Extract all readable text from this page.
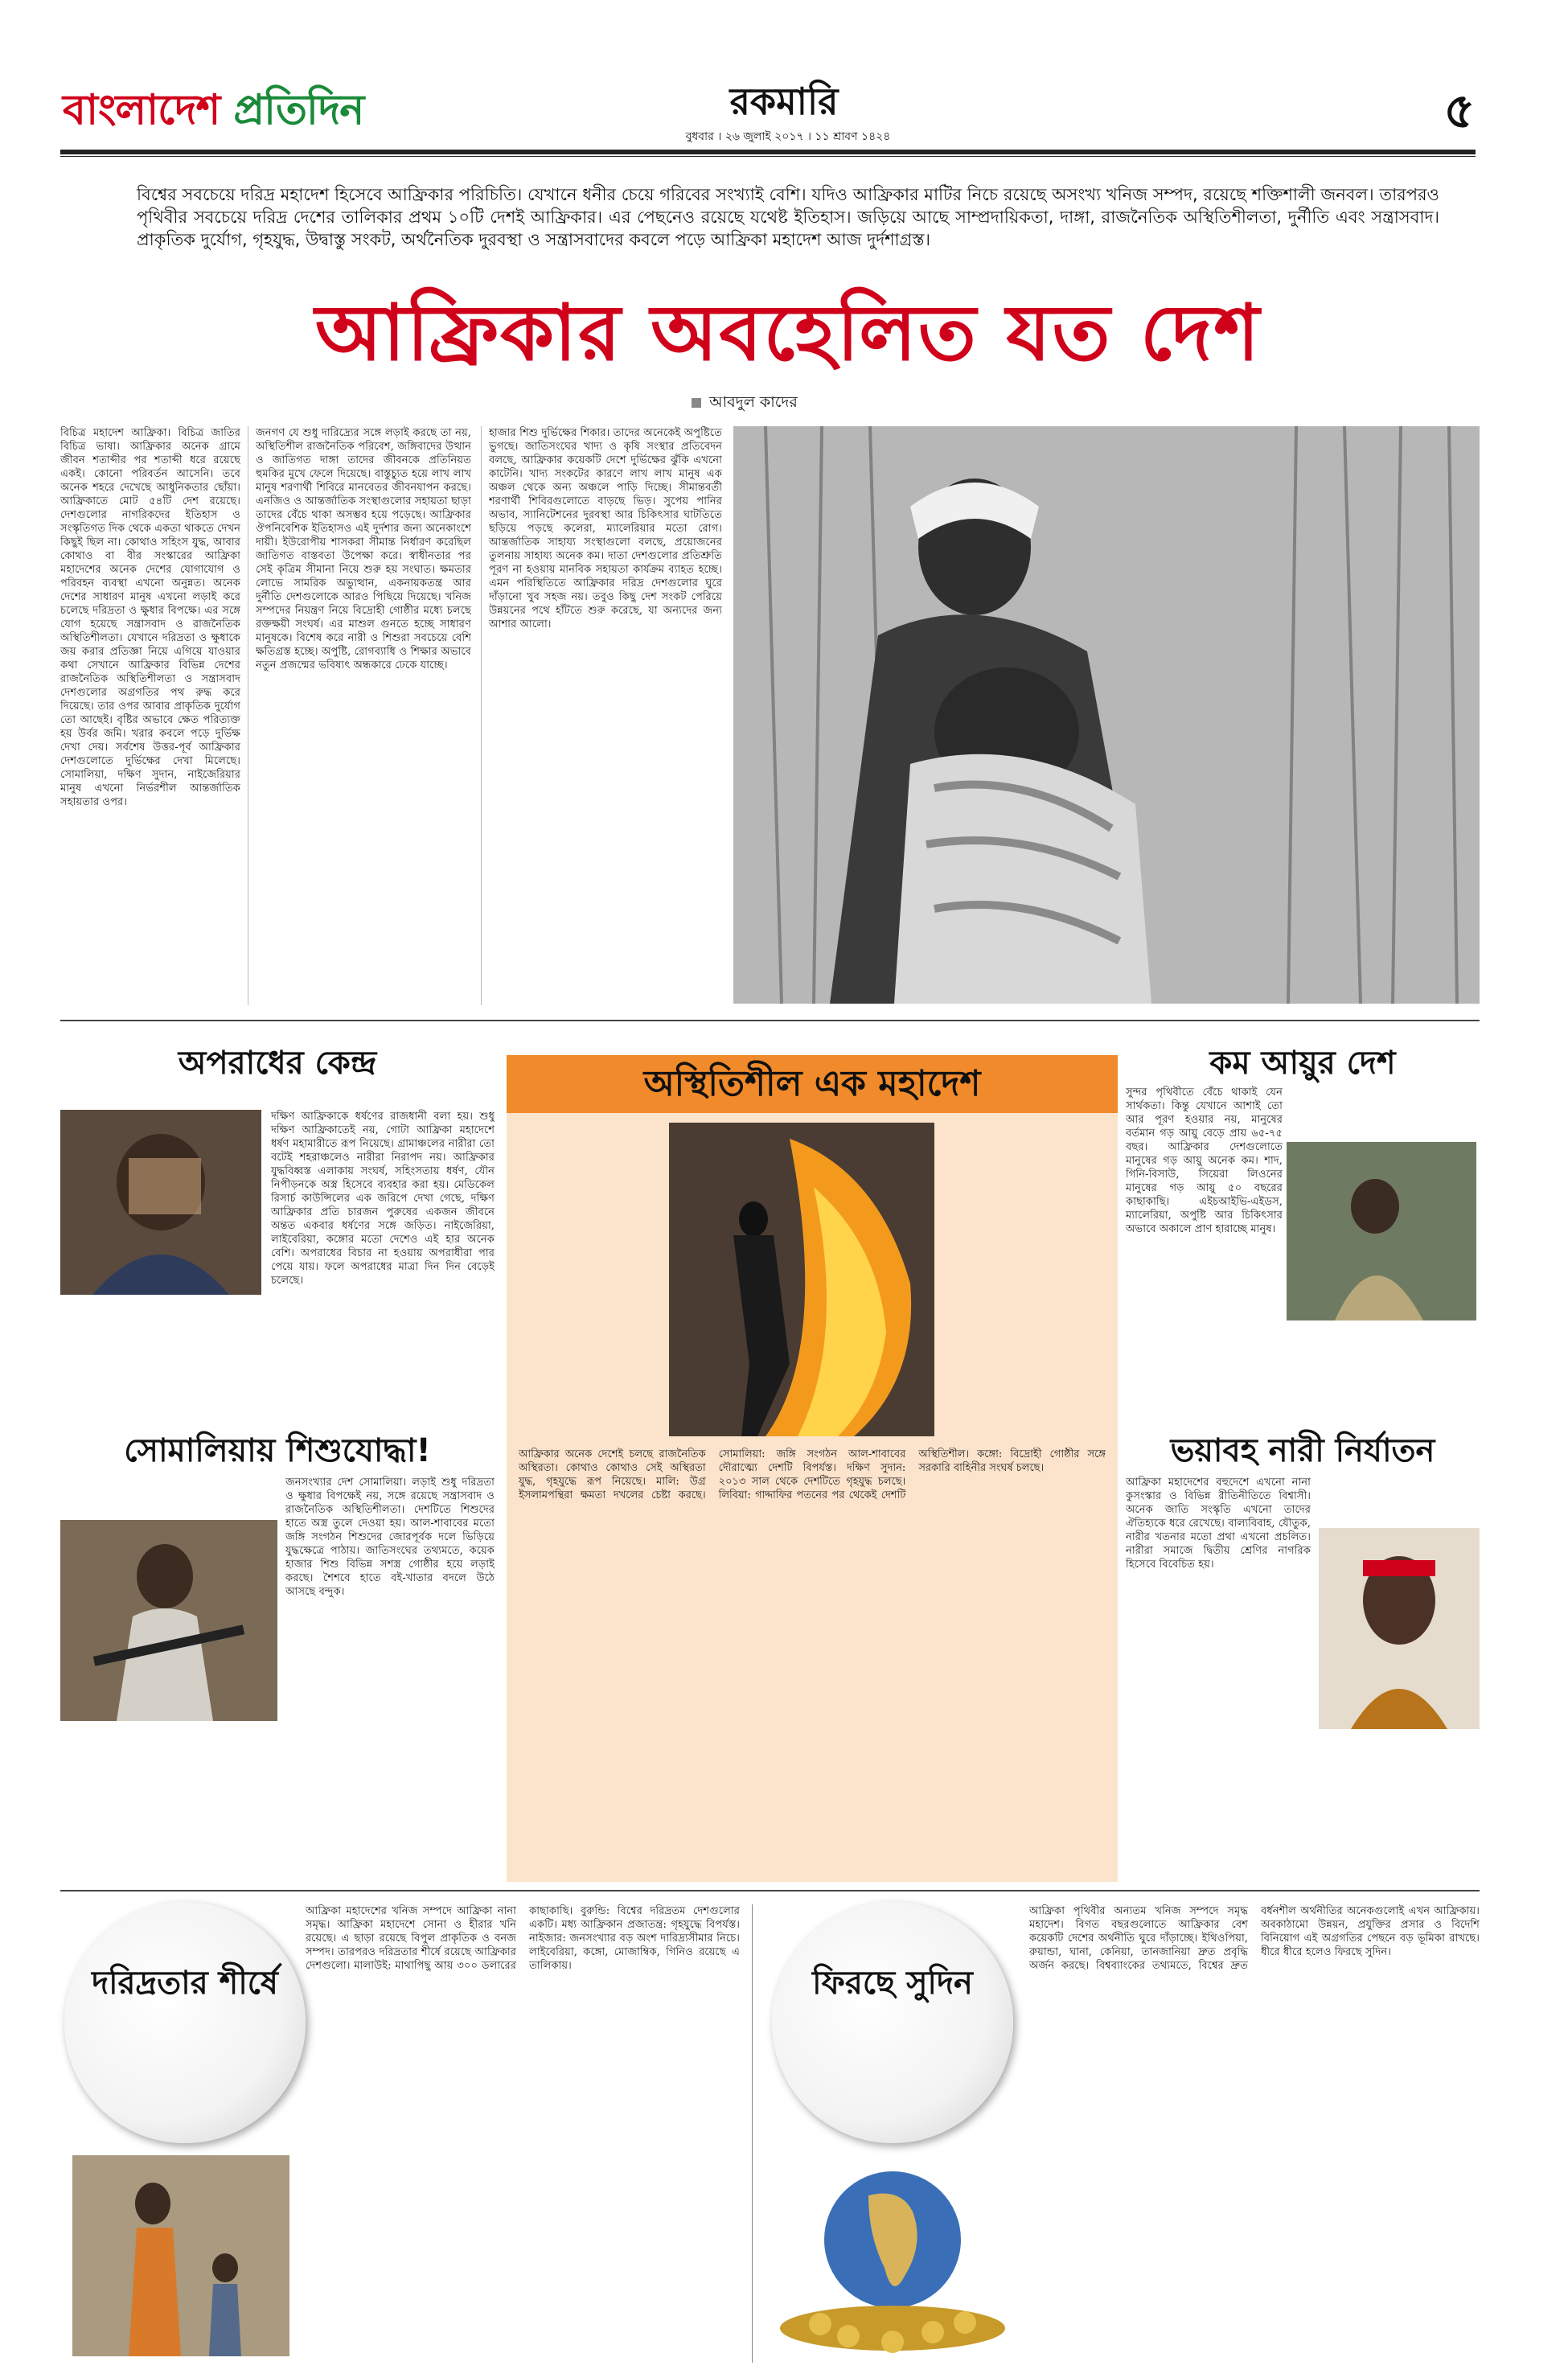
বাংলাদেশ প্রতিদিন	রকমারি
বুধবার । ২৬ জুলাই ২০১৭ । ১১ শ্রাবণ ১৪২৪	৫
বিশ্বের সবচেয়ে দরিদ্র মহাদেশ হিসেবে আফ্রিকার পরিচিতি। যেখানে ধনীর চেয়ে গরিবের সংখ্যাই বেশি। যদিও আফ্রিকার মাটির নিচে রয়েছে অসংখ্য খনিজ সম্পদ, রয়েছে শক্তিশালী জনবল। তারপরও পৃথিবীর সবচেয়ে দরিদ্র দেশের তালিকার প্রথম ১০টি দেশই আফ্রিকার। এর পেছনেও রয়েছে যথেষ্ট ইতিহাস। জড়িয়ে আছে সাম্প্রদায়িকতা, দাঙ্গা, রাজনৈতিক অস্থিতিশীলতা, দুর্নীতি এবং সন্ত্রাসবাদ। প্রাকৃতিক দুর্যোগ, গৃহযুদ্ধ, উদ্বাস্তু সংকট, অর্থনৈতিক দুরবস্থা ও সন্ত্রাসবাদের কবলে পড়ে আফ্রিকা মহাদেশ আজ দুর্দশাগ্রস্ত।
আফ্রিকার অবহেলিত যত দেশ
আবদুল কাদের
বিচিত্র মহাদেশ আফ্রিকা। বিচিত্র জাতির বিচিত্র ভাষা। আফ্রিকার অনেক গ্রামে জীবন শতাব্দীর পর শতাব্দী ধরে রয়েছে একই। কোনো পরিবর্তন আসেনি। তবে অনেক শহরে দেখেছে আধুনিকতার ছোঁয়া। আফ্রিকাতে মোট ৫৪টি দেশ রয়েছে। দেশগুলোর নাগরিকদের ইতিহাস ও সংস্কৃতিগত দিক থেকে একতা থাকতে দেখন কিছুই ছিল না। কোথাও সহিংস যুদ্ধ, আবার কোথাও বা বীর সংস্কারের আফ্রিকা মহাদেশের অনেক দেশের যোগাযোগ ও পরিবহন ব্যবস্থা এখনো অনুন্নত। অনেক দেশের সাধারণ মানুষ এখনো লড়াই করে চলেছে দরিদ্রতা ও ক্ষুধার বিপক্ষে। এর সঙ্গে যোগ হয়েছে সন্ত্রাসবাদ ও রাজনৈতিক অস্থিতিশীলতা। যেখানে দরিদ্রতা ও ক্ষুধাকে জয় করার প্রতিজ্ঞা নিয়ে এগিয়ে যাওয়ার কথা সেখানে আফ্রিকার বিভিন্ন দেশের রাজনৈতিক অস্থিতিশীলতা ও সন্ত্রাসবাদ দেশগুলোর অগ্রগতির পথ রুদ্ধ করে দিয়েছে। তার ওপর আবার প্রাকৃতিক দুর্যোগ তো আছেই। বৃষ্টির অভাবে ক্ষেত পরিত্যক্ত হয় উর্বর জমি। খরার কবলে পড়ে দুর্ভিক্ষ দেখা দেয়। সর্বশেষ উত্তর-পূর্ব আফ্রিকার দেশগুলোতে দুর্ভিক্ষের দেখা মিলেছে। সোমালিয়া, দক্ষিণ সুদান, নাইজেরিয়ার মানুষ এখনো নির্ভরশীল আন্তর্জাতিক সহায়তার ওপর।
জনগণ যে শুধু দারিদ্র্যের সঙ্গে লড়াই করছে তা নয়, অস্থিতিশীল রাজনৈতিক পরিবেশ, জঙ্গিবাদের উত্থান ও জাতিগত দাঙ্গা তাদের জীবনকে প্রতিনিয়ত হুমকির মুখে ফেলে দিয়েছে। বাস্তুচ্যুত হয়ে লাখ লাখ মানুষ শরণার্থী শিবিরে মানবেতর জীবনযাপন করছে। এনজিও ও আন্তর্জাতিক সংস্থাগুলোর সহায়তা ছাড়া তাদের বেঁচে থাকা অসম্ভব হয়ে পড়েছে। আফ্রিকার ঔপনিবেশিক ইতিহাসও এই দুর্দশার জন্য অনেকাংশে দায়ী। ইউরোপীয় শাসকরা সীমান্ত নির্ধারণ করেছিল জাতিগত বাস্তবতা উপেক্ষা করে। স্বাধীনতার পর সেই কৃত্রিম সীমানা নিয়ে শুরু হয় সংঘাত। ক্ষমতার লোভে সামরিক অভ্যুত্থান, একনায়কতন্ত্র আর দুর্নীতি দেশগুলোকে আরও পিছিয়ে দিয়েছে। খনিজ সম্পদের নিয়ন্ত্রণ নিয়ে বিদ্রোহী গোষ্ঠীর মধ্যে চলছে রক্তক্ষয়ী সংঘর্ষ। এর মাশুল গুনতে হচ্ছে সাধারণ মানুষকে। বিশেষ করে নারী ও শিশুরা সবচেয়ে বেশি ক্ষতিগ্রস্ত হচ্ছে। অপুষ্টি, রোগব্যাধি ও শিক্ষার অভাবে নতুন প্রজন্মের ভবিষ্যৎ অন্ধকারে ঢেকে যাচ্ছে।
হাজার শিশু দুর্ভিক্ষের শিকার। তাদের অনেকেই অপুষ্টিতে ভুগছে। জাতিসংঘের খাদ্য ও কৃষি সংস্থার প্রতিবেদন বলছে, আফ্রিকার কয়েকটি দেশে দুর্ভিক্ষের ঝুঁকি এখনো কাটেনি। খাদ্য সংকটের কারণে লাখ লাখ মানুষ এক অঞ্চল থেকে অন্য অঞ্চলে পাড়ি দিচ্ছে। সীমান্তবর্তী শরণার্থী শিবিরগুলোতে বাড়ছে ভিড়। সুপেয় পানির অভাব, স্যানিটেশনের দুরবস্থা আর চিকিৎসার ঘাটতিতে ছড়িয়ে পড়ছে কলেরা, ম্যালেরিয়ার মতো রোগ। আন্তর্জাতিক সাহায্য সংস্থাগুলো বলছে, প্রয়োজনের তুলনায় সাহায্য অনেক কম। দাতা দেশগুলোর প্রতিশ্রুতি পূরণ না হওয়ায় মানবিক সহায়তা কার্যক্রম ব্যাহত হচ্ছে। এমন পরিস্থিতিতে আফ্রিকার দরিদ্র দেশগুলোর ঘুরে দাঁড়ানো খুব সহজ নয়। তবুও কিছু দেশ সংকট পেরিয়ে উন্নয়নের পথে হাঁটতে শুরু করেছে, যা অন্যদের জন্য আশার আলো।
অপরাধের কেন্দ্র

দক্ষিণ আফ্রিকাকে ধর্ষণের রাজধানী বলা হয়। শুধু দক্ষিণ আফ্রিকাতেই নয়, গোটা আফ্রিকা মহাদেশে ধর্ষণ মহামারীতে রূপ নিয়েছে। গ্রামাঞ্চলের নারীরা তো বটেই শহরাঞ্চলেও নারীরা নিরাপদ নয়। আফ্রিকার যুদ্ধবিধ্বস্ত এলাকায় সংঘর্ষ, সহিংসতায় ধর্ষণ, যৌন নিপীড়নকে অস্ত্র হিসেবে ব্যবহার করা হয়। মেডিকেল রিসার্চ কাউন্সিলের এক জরিপে দেখা গেছে, দক্ষিণ আফ্রিকার প্রতি চারজন পুরুষের একজন জীবনে অন্তত একবার ধর্ষণের সঙ্গে জড়িত। নাইজেরিয়া, লাইবেরিয়া, কঙ্গোর মতো দেশেও এই হার অনেক বেশি। অপরাধের বিচার না হওয়ায় অপরাধীরা পার পেয়ে যায়। ফলে অপরাধের মাত্রা দিন দিন বেড়েই চলেছে।

সোমালিয়ায় শিশুযোদ্ধা!

জনসংখ্যার দেশ সোমালিয়া। লড়াই শুধু দরিদ্রতা ও ক্ষুধার বিপক্ষেই নয়, সঙ্গে রয়েছে সন্ত্রাসবাদ ও রাজনৈতিক অস্থিতিশীলতা। দেশটিতে শিশুদের হাতে অস্ত্র তুলে দেওয়া হয়। আল-শাবাবের মতো জঙ্গি সংগঠন শিশুদের জোরপূর্বক দলে ভিড়িয়ে যুদ্ধক্ষেত্রে পাঠায়। জাতিসংঘের তথ্যমতে, কয়েক হাজার শিশু বিভিন্ন সশস্ত্র গোষ্ঠীর হয়ে লড়াই করছে। শৈশবে হাতে বই-খাতার বদলে উঠে আসছে বন্দুক।

অস্থিতিশীল এক মহাদেশ
আফ্রিকার অনেক দেশেই চলছে রাজনৈতিক অস্থিরতা। কোথাও কোথাও সেই অস্থিরতা যুদ্ধ, গৃহযুদ্ধে রূপ নিয়েছে। মালি: উগ্র ইসলামপন্থিরা ক্ষমতা দখলের চেষ্টা করছে। সোমালিয়া: জঙ্গি সংগঠন আল-শাবাবের দৌরাত্ম্যে দেশটি বিপর্যস্ত। দক্ষিণ সুদান: ২০১৩ সাল থেকে দেশটিতে গৃহযুদ্ধ চলছে। লিবিয়া: গাদ্দাফির পতনের পর থেকেই দেশটি অস্থিতিশীল। কঙ্গো: বিদ্রোহী গোষ্ঠীর সঙ্গে সরকারি বাহিনীর সংঘর্ষ চলছে।
কম আয়ুর দেশ

সুন্দর পৃথিবীতে বেঁচে থাকাই যেন সার্থকতা। কিন্তু যেখানে আশাই তো আর পূরণ হওয়ার নয়, মানুষের বর্তমান গড় আয়ু বেড়ে প্রায় ৬৫-৭৫ বছর। আফ্রিকার দেশগুলোতে মানুষের গড় আয়ু অনেক কম। শাদ, গিনি-বিসাউ, সিয়েরা লিওনের মানুষের গড় আয়ু ৫০ বছরের কাছাকাছি। এইচআইভি-এইডস, ম্যালেরিয়া, অপুষ্টি আর চিকিৎসার অভাবে অকালে প্রাণ হারাচ্ছে মানুষ।

ভয়াবহ নারী নির্যাতন

আফ্রিকা মহাদেশের বহুদেশে এখনো নানা কুসংস্কার ও বিভিন্ন রীতিনীতিতে বিশ্বাসী। অনেক জাতি সংস্কৃতি এখনো তাদের ঐতিহ্যকে ধরে রেখেছে। বাল্যবিবাহ, যৌতুক, নারীর খতনার মতো প্রথা এখনো প্রচলিত। নারীরা সমাজে দ্বিতীয় শ্রেণির নাগরিক হিসেবে বিবেচিত হয়।

দরিদ্রতার শীর্ষে
আফ্রিকা মহাদেশের খনিজ সম্পদে আফ্রিকা নানা সমৃদ্ধ। আফ্রিকা মহাদেশে সোনা ও হীরার খনি রয়েছে। এ ছাড়া রয়েছে বিপুল প্রাকৃতিক ও বনজ সম্পদ। তারপরও দরিদ্রতার শীর্ষে রয়েছে আফ্রিকার দেশগুলো। মালাউই: মাথাপিছু আয় ৩০০ ডলারের কাছাকাছি। বুরুন্ডি: বিশ্বের দরিদ্রতম দেশগুলোর একটি। মধ্য আফ্রিকান প্রজাতন্ত্র: গৃহযুদ্ধে বিপর্যস্ত। নাইজার: জনসংখ্যার বড় অংশ দারিদ্র্যসীমার নিচে। লাইবেরিয়া, কঙ্গো, মোজাম্বিক, গিনিও রয়েছে এ তালিকায়।	ফিরছে সুদিন
আফ্রিকা পৃথিবীর অন্যতম খনিজ সম্পদে সমৃদ্ধ মহাদেশ। বিগত বছরগুলোতে আফ্রিকার বেশ কয়েকটি দেশের অর্থনীতি ঘুরে দাঁড়াচ্ছে। ইথিওপিয়া, রুয়ান্ডা, ঘানা, কেনিয়া, তানজানিয়া দ্রুত প্রবৃদ্ধি অর্জন করছে। বিশ্বব্যাংকের তথ্যমতে, বিশ্বের দ্রুত বর্ধনশীল অর্থনীতির অনেকগুলোই এখন আফ্রিকায়। অবকাঠামো উন্নয়ন, প্রযুক্তির প্রসার ও বিদেশি বিনিয়োগ এই অগ্রগতির পেছনে বড় ভূমিকা রাখছে। ধীরে ধীরে হলেও ফিরছে সুদিন।
